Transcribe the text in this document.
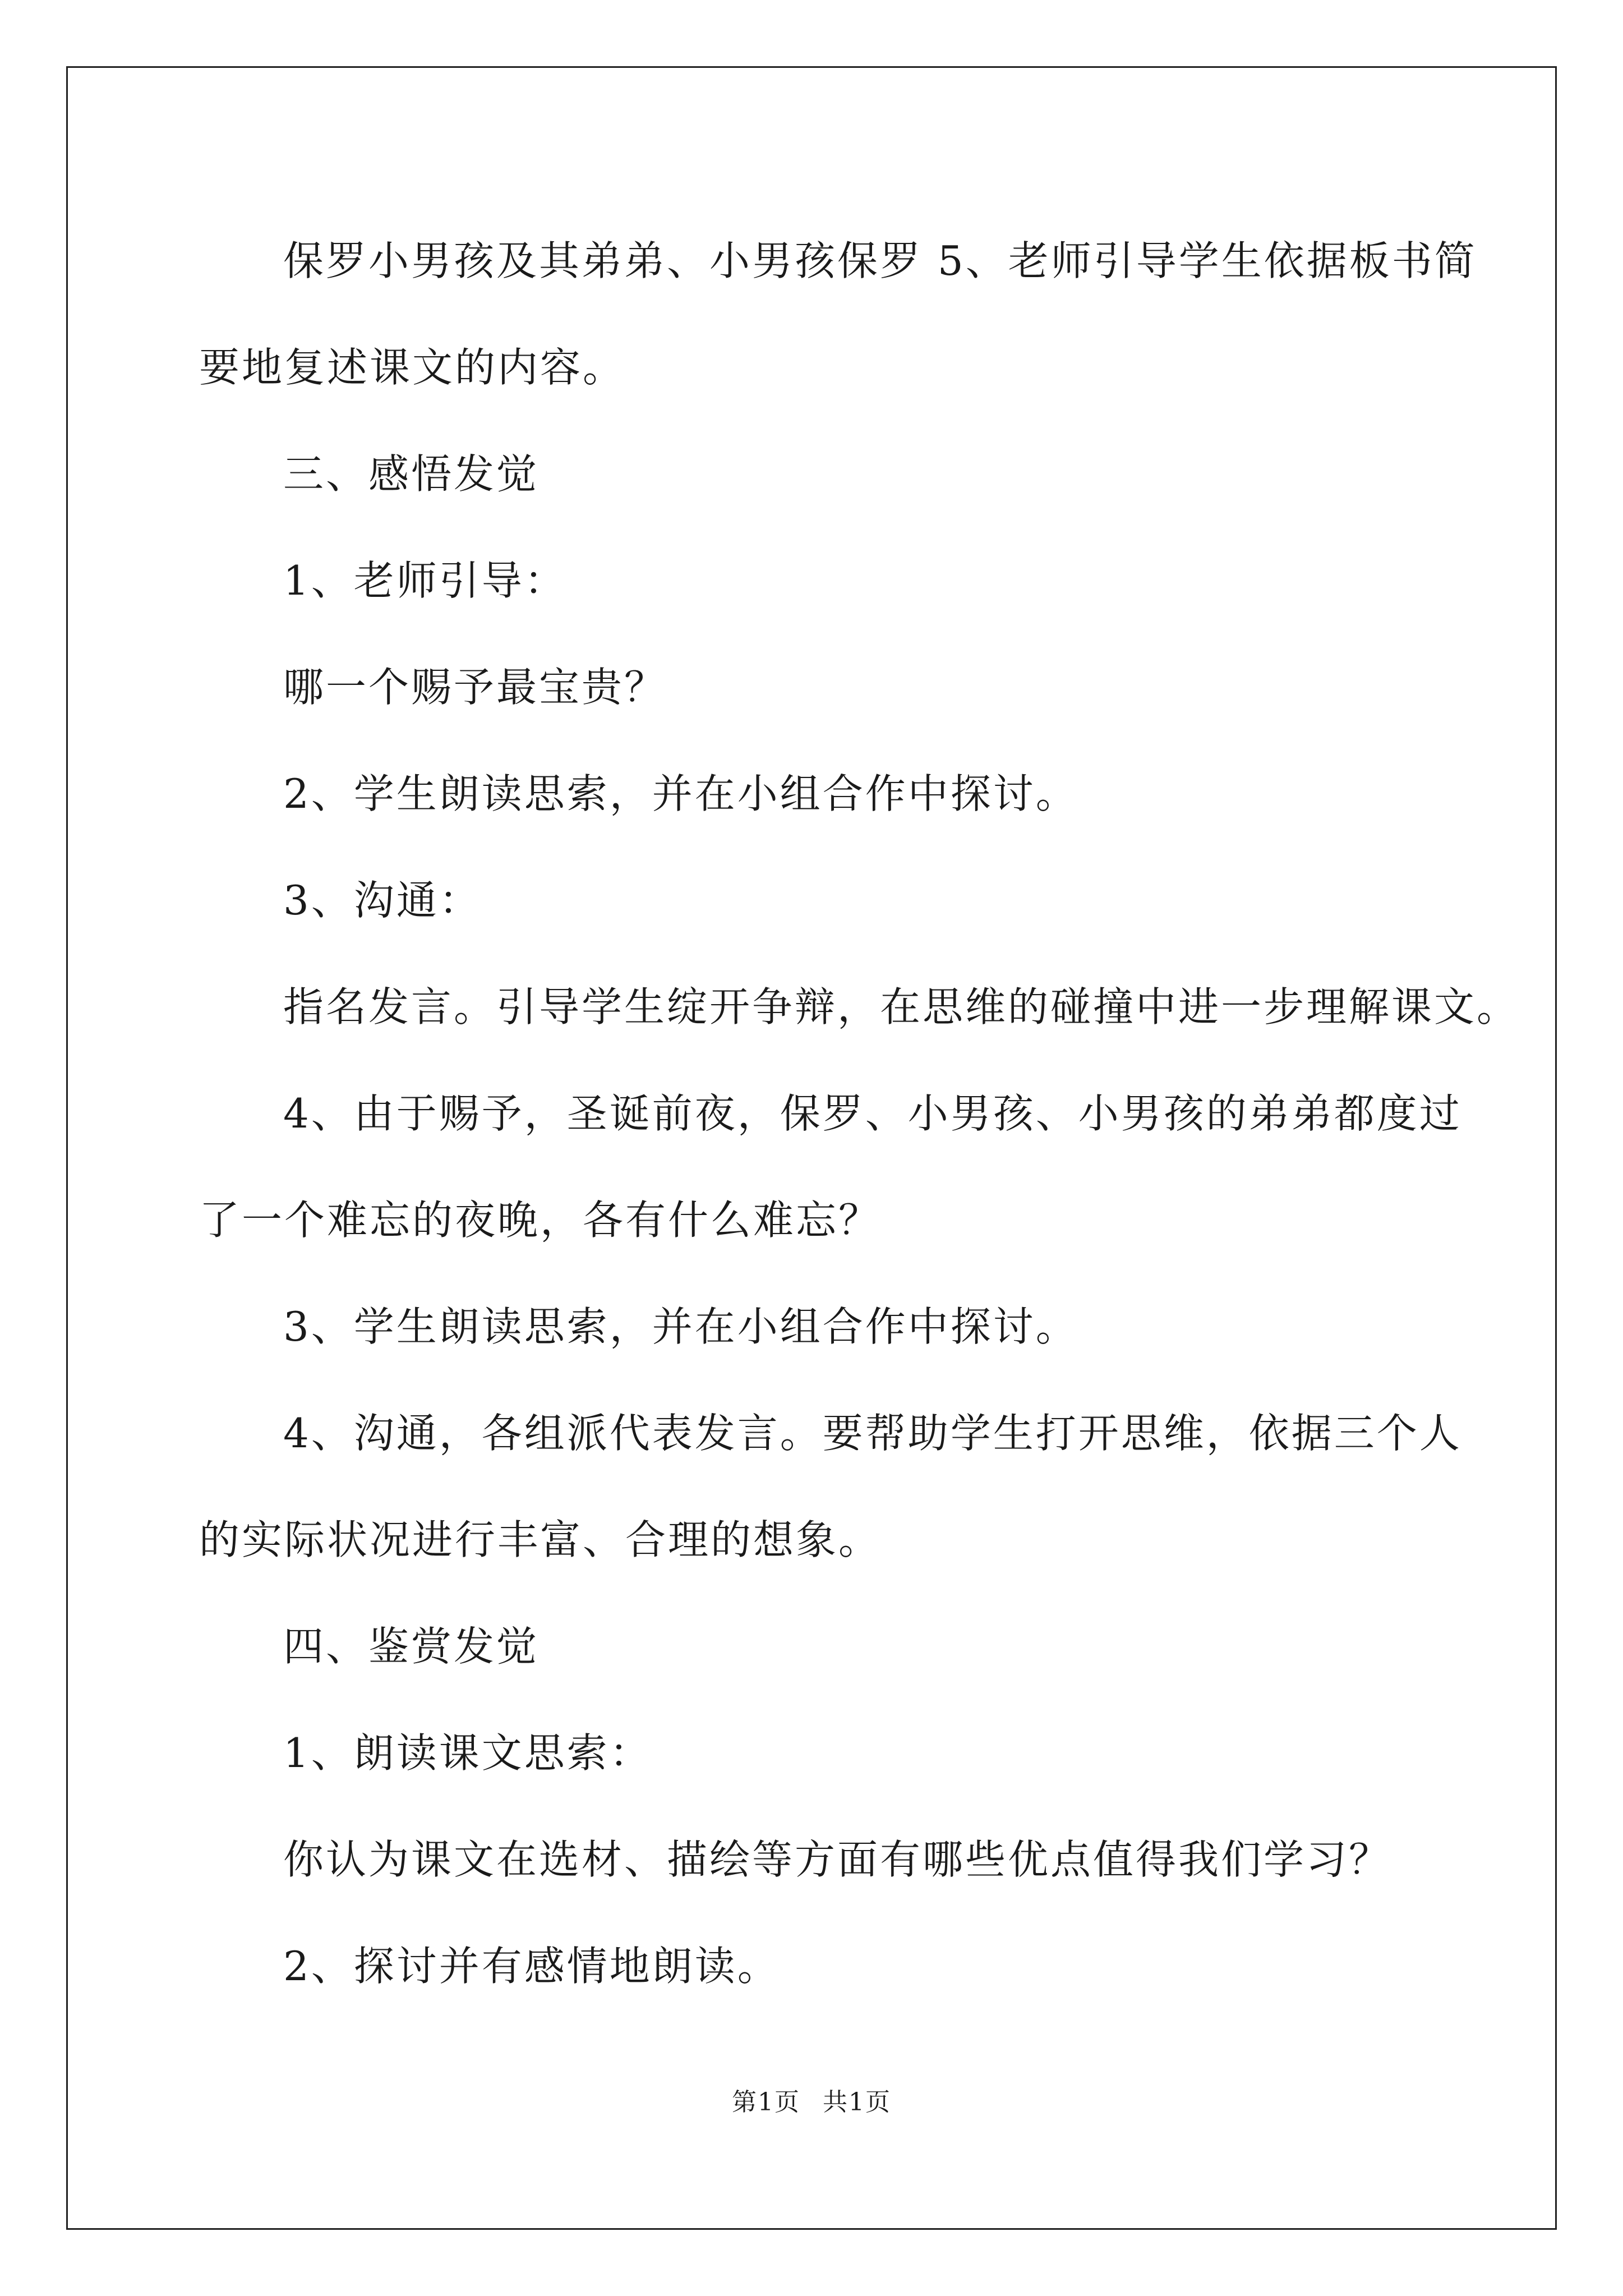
保罗小男孩及其弟弟、小男孩保罗 5、老师引导学生依据板书简

要地复述课文的内容。

三、感悟发觉

1、老师引导：

哪一个赐予最宝贵？

2、学生朗读思索，并在小组合作中探讨。

3、沟通：

指名发言。引导学生绽开争辩，在思维的碰撞中进一步理解课文。

4、由于赐予，圣诞前夜，保罗、小男孩、小男孩的弟弟都度过

了一个难忘的夜晚，各有什么难忘？

3、学生朗读思索，并在小组合作中探讨。

4、沟通，各组派代表发言。要帮助学生打开思维，依据三个人

的实际状况进行丰富、合理的想象。

四、鉴赏发觉

1、朗读课文思索：

你认为课文在选材、描绘等方面有哪些优点值得我们学习？

2、探讨并有感情地朗读。

第1页 共1页
